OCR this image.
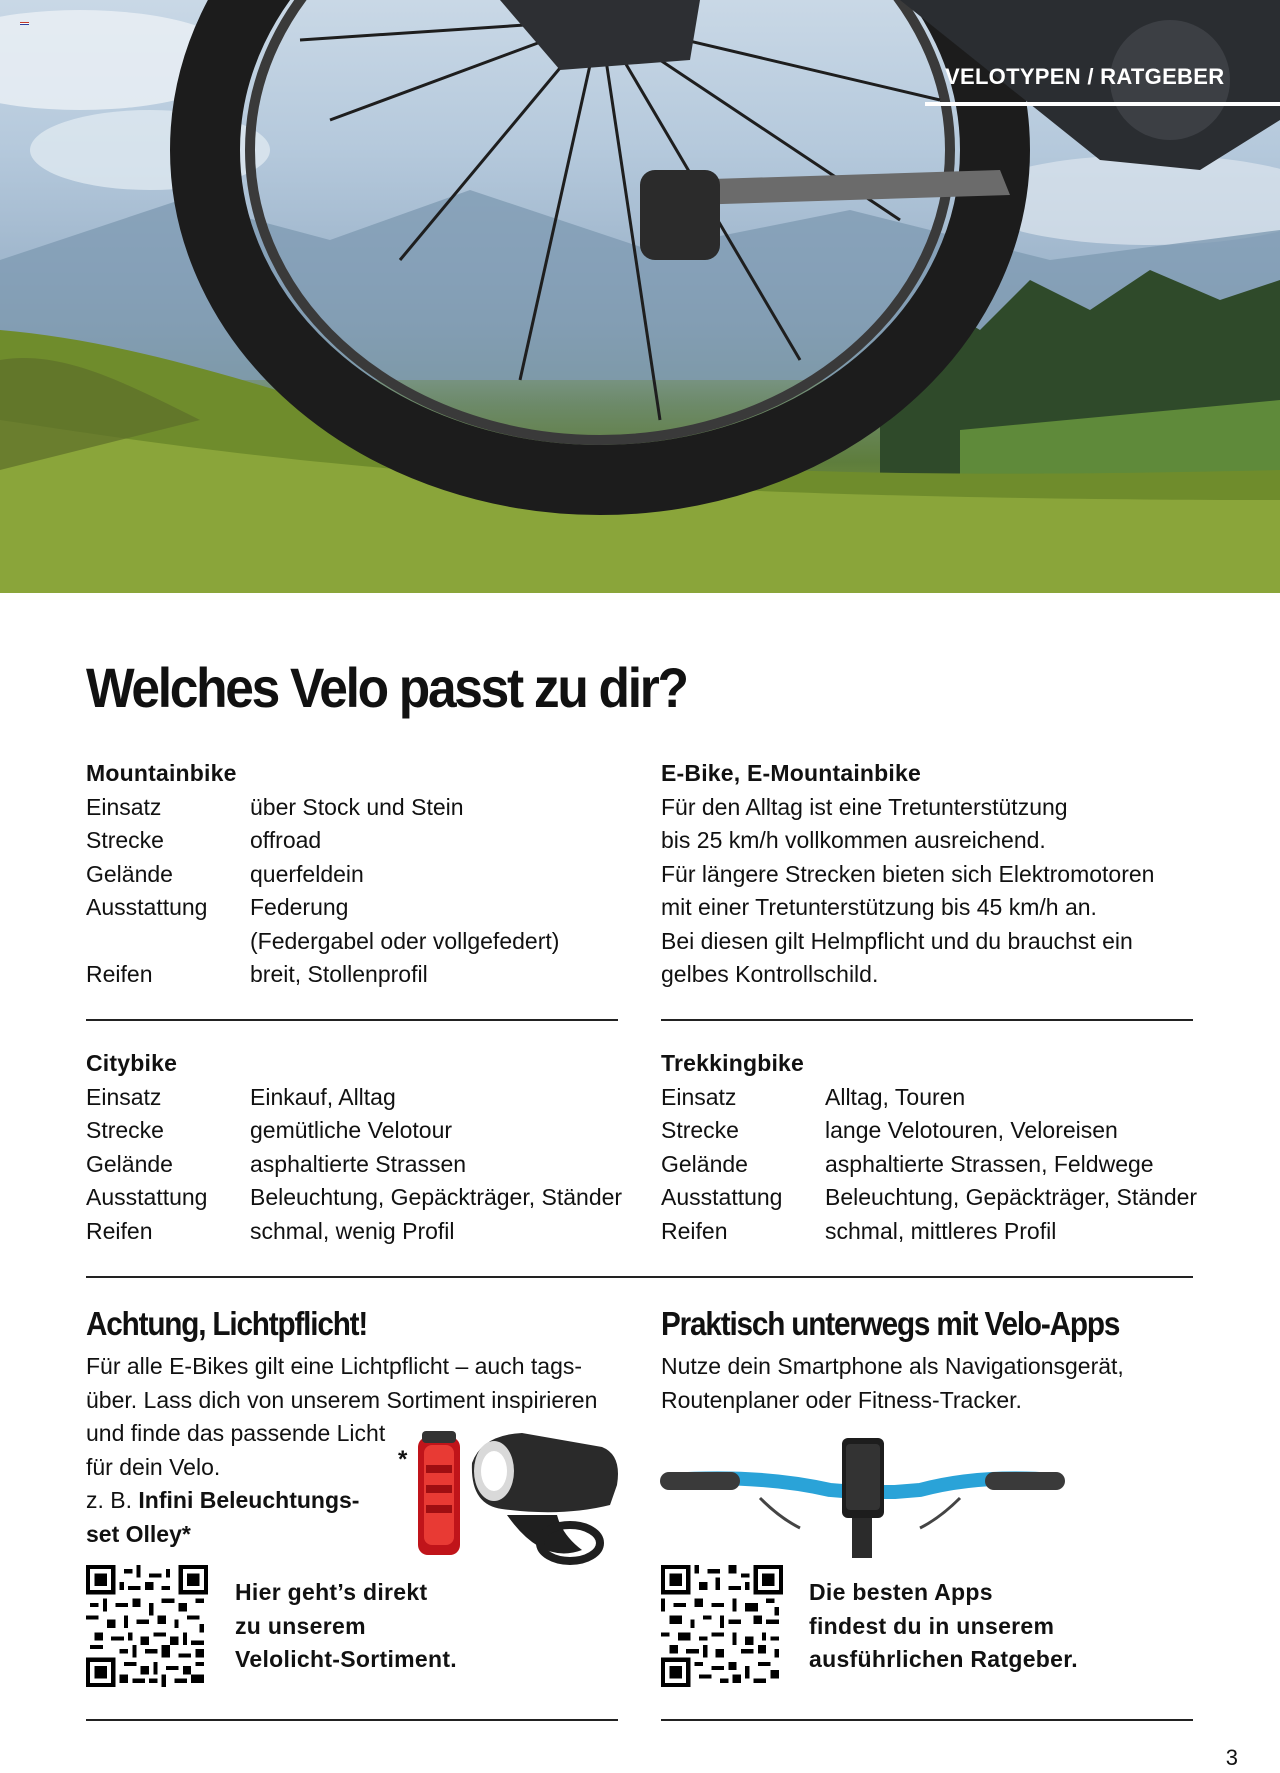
VELOTYPEN / RATGEBER
Welches Velo passt zu dir?
Mountainbike
Einsatz	über Stock und Stein
Strecke	offroad
Gelände	querfeldein
Ausstattung	Federung
(Federgabel oder vollgefedert)
Reifen	breit, Stollenprofil
E-Bike, E-Mountainbike
Für den Alltag ist eine Tretunterstützung
bis 25 km/h vollkommen ausreichend.
Für längere Strecken bieten sich Elektromotoren
mit einer Tretunterstützung bis 45 km/h an.
Bei diesen gilt Helmpflicht und du brauchst ein
gelbes Kontrollschild.
Citybike
Einsatz	Einkauf, Alltag
Strecke	gemütliche Velotour
Gelände	asphaltierte Strassen
Ausstattung	Beleuchtung, Gepäckträger, Ständer
Reifen	schmal, wenig Profil
Trekkingbike
Einsatz	Alltag, Touren
Strecke	lange Velotouren, Veloreisen
Gelände	asphaltierte Strassen, Feldwege
Ausstattung	Beleuchtung, Gepäckträger, Ständer
Reifen	schmal, mittleres Profil
Achtung, Lichtpflicht!
Für alle E-Bikes gilt eine Lichtpflicht – auch tags-
über. Lass dich von unserem Sortiment inspirieren
und finde das passende Licht
für dein Velo.
z. B. Infini Beleuchtungs-
set Olley*
*
Hier geht’s direkt
zu unserem
Velolicht-Sortiment.
Praktisch unterwegs mit Velo-Apps
Nutze dein Smartphone als Navigationsgerät,
Routenplaner oder Fitness-Tracker.
Die besten Apps
findest du in unserem
ausführlichen Ratgeber.
3
